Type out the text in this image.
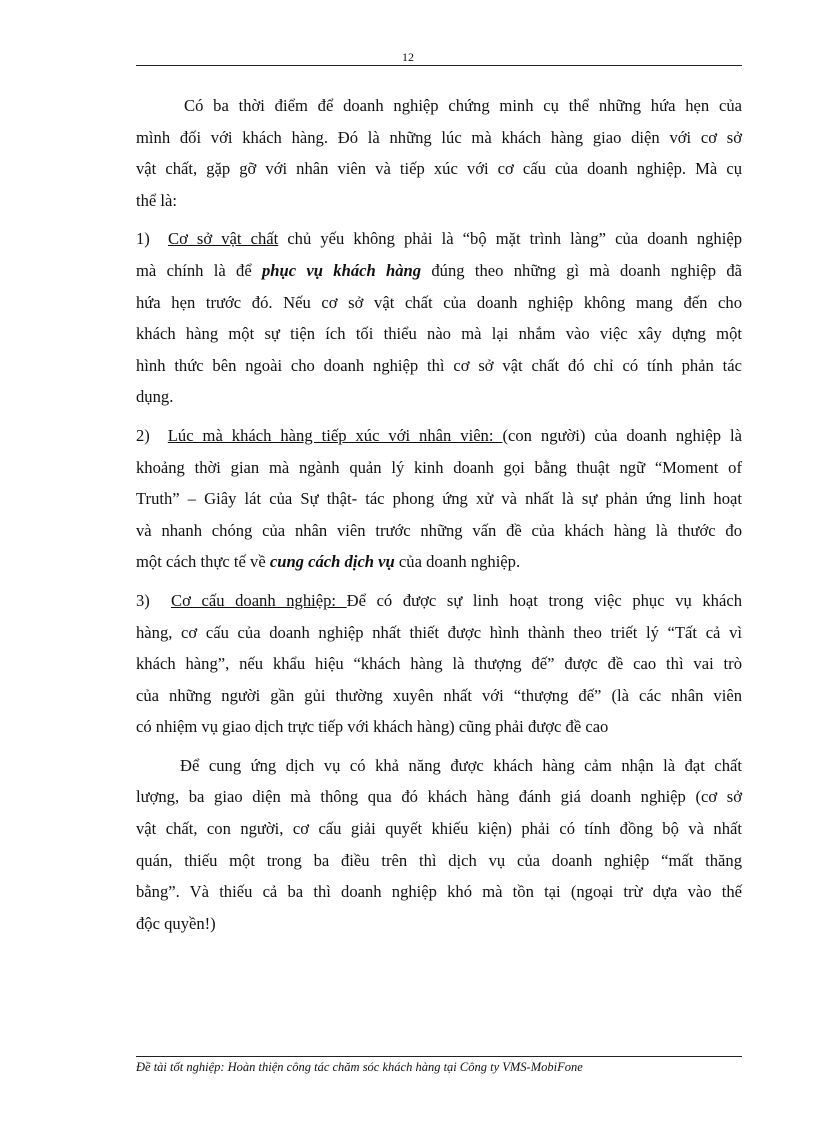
12
Có ba thời điểm để doanh nghiệp chứng minh cụ thể những hứa hẹn của
mình đối với khách hàng. Đó là những lúc mà khách hàng giao diện với cơ sở
vật chất, gặp gỡ với nhân viên và tiếp xúc với cơ cấu của doanh nghiệp. Mà cụ
thể là:
1) Cơ sở vật chất chủ yếu không phải là “bộ mặt trình làng” của doanh nghiệp
mà chính là để phục vụ khách hàng đúng theo những gì mà doanh nghiệp đã
hứa hẹn trước đó. Nếu cơ sở vật chất của doanh nghiệp không mang đến cho
khách hàng một sự tiện ích tối thiểu nào mà lại nhắm vào việc xây dựng một
hình thức bên ngoài cho doanh nghiệp thì cơ sở vật chất đó chỉ có tính phản tác
dụng.
2) Lúc mà khách hàng tiếp xúc với nhân viên: (con người) của doanh nghiệp là
khoảng thời gian mà ngành quản lý kinh doanh gọi bằng thuật ngữ “Moment of
Truth” – Giây lát của Sự thật- tác phong ứng xử và nhất là sự phản ứng linh hoạt
và nhanh chóng của nhân viên trước những vấn đề của khách hàng là thước đo
một cách thực tế về cung cách dịch vụ của doanh nghiệp.
3) Cơ cấu doanh nghiệp: Để có được sự linh hoạt trong việc phục vụ khách
hàng, cơ cấu của doanh nghiệp nhất thiết được hình thành theo triết lý “Tất cả vì
khách hàng”, nếu khẩu hiệu “khách hàng là thượng đế” được đề cao thì vai trò
của những người gần gủi thường xuyên nhất với “thượng đế” (là các nhân viên
có nhiệm vụ giao dịch trực tiếp với khách hàng) cũng phải được đề cao
Để cung ứng dịch vụ có khả năng được khách hàng cảm nhận là đạt chất
lượng, ba giao diện mà thông qua đó khách hàng đánh giá doanh nghiệp (cơ sở
vật chất, con người, cơ cấu giải quyết khiếu kiện) phải có tính đồng bộ và nhất
quán, thiếu một trong ba điều trên thì dịch vụ của doanh nghiệp “mất thăng
bằng”. Và thiếu cả ba thì doanh nghiệp khó mà tồn tại (ngoại trừ dựa vào thế
độc quyền!)
Đề tài tốt nghiệp: Hoàn thiện công tác chăm sóc khách hàng tại Công ty VMS-MobiFone
